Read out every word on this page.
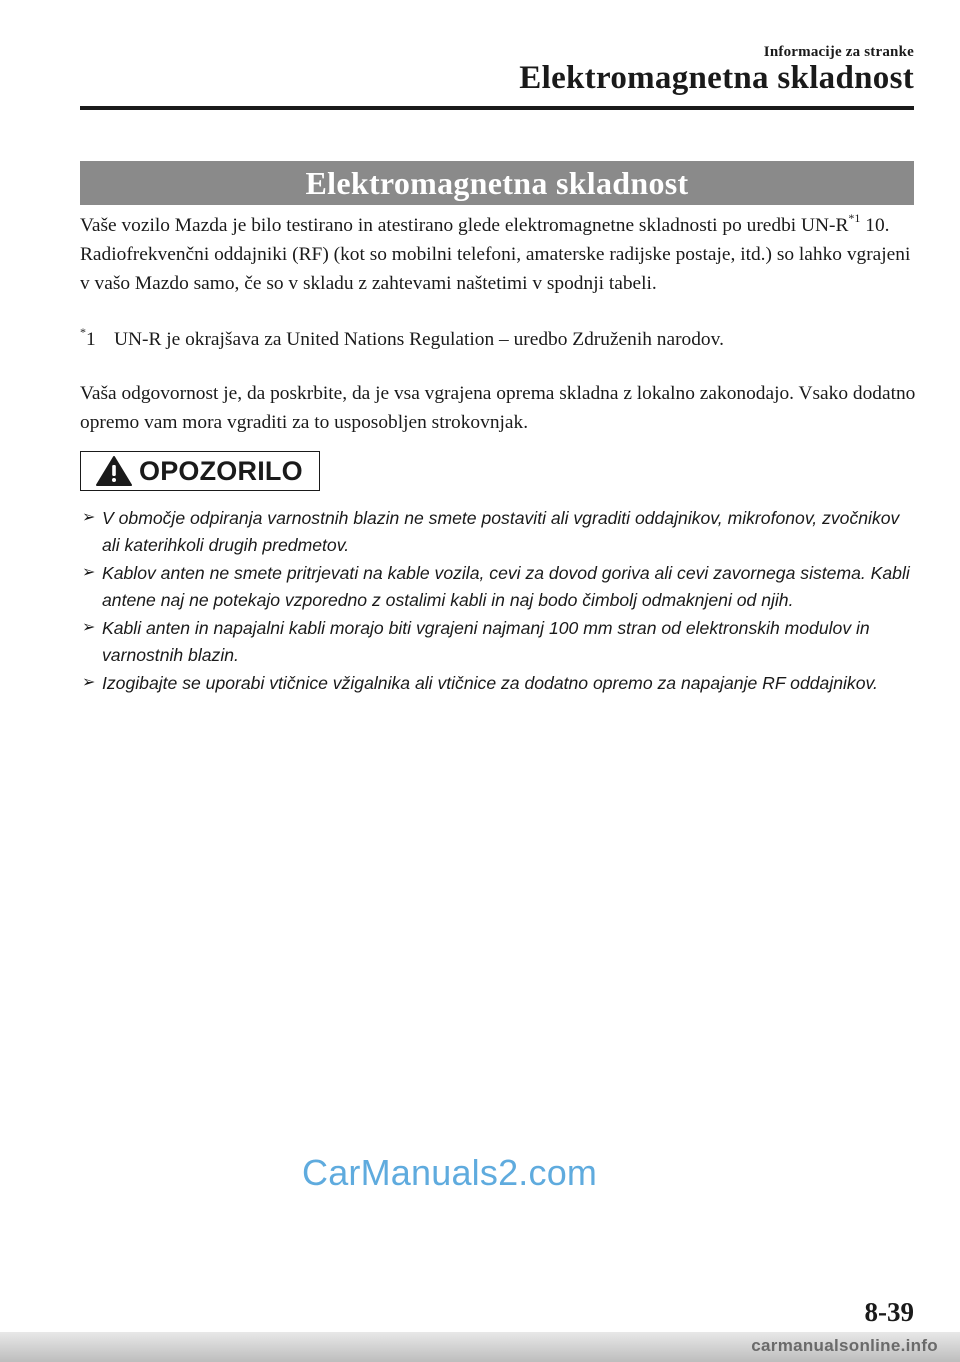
Informacije za stranke
Elektromagnetna skladnost
Elektromagnetna skladnost
Vaše vozilo Mazda je bilo testirano in atestirano glede elektromagnetne skladnosti po uredbi $UN-R^{*1}$ 10. Radiofrekvenčni oddajniki (RF) (kot so mobilni telefoni, amaterske radijske postaje, itd.) so lahko vgrajeni v vašo Mazdo samo, če so v skladu z zahtevami naštetimi v spodnji tabeli.
*1 UN-R je okrajšava za United Nations Regulation – uredbo Združenih narodov.
Vaša odgovornost je, da poskrbite, da je vsa vgrajena oprema skladna z lokalno zakonodajo. Vsako dodatno opremo vam mora vgraditi za to usposobljen strokovnjak.
OPOZORILO
➢ V območje odpiranja varnostnih blazin ne smete postaviti ali vgraditi oddajnikov, mikrofonov, zvočnikov ali katerihkoli drugih predmetov.
➢ Kablov anten ne smete pritrjevati na kable vozila, cevi za dovod goriva ali cevi zavornega sistema. Kabli antene naj ne potekajo vzporedno z ostalimi kabli in naj bodo čimbolj odmaknjeni od njih.
➢ Kabli anten in napajalni kabli morajo biti vgrajeni najmanj 100 mm stran od elektronskih modulov in varnostnih blazin.
➢ Izogibajte se uporabi vtičnice vžigalnika ali vtičnice za dodatno opremo za napajanje RF oddajnikov.
CarManuals2.com
8-39
carmanualsonline.info
